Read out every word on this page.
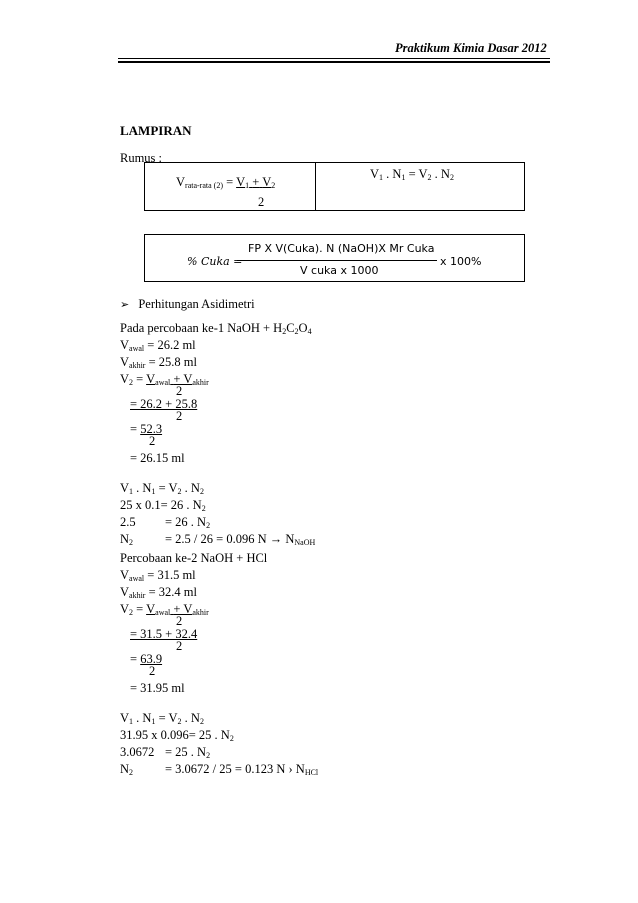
Praktikum Kimia Dasar 2012
LAMPIRAN
Rumus :
$V_{rata-rata (2)} = V_1 + V_2$
2
$V_1$ . $N_1 = V_2$ . $N_2$
% Cuka =
FP X V(Cuka). N (NaOH)X Mr Cuka
V cuka x 1000
x 100%
➢ Perhitungan Asidimetri
Pada percobaan ke-1 NaOH + $H_2C_2O_4$
$V_{awal} = 26.2$ ml
$V_{akhir} = 25.8$ ml
$V_2 = V_{awal} + V_{akhir}$
2
= 26.2 + 25.8
2
= 52.3
2
= 26.15 ml
$V_1$ . $N_1 = V_2$ . $N_2$
25 x 0.1= 26 . $N_2$
2.5 = 26 . $N_2$
$N_2$	= 2.5 / 26 = 0.096 $N \to N_{NaOH}$
Percobaan ke-2 NaOH + HCl
$V_{awal} = 31.5$ ml
$V_{akhir} = 32.4$ ml
$V_2 = V_{awal} + V_{akhir}$
2
= 31.5 + 32.4
2
= 63.9
2
= 31.95 ml
$V_1$ . $N_1 = V_2$ . $N_2$
31.95 x 0.096= 25 . $N_2$
3.0672 = 25 . $N_2$
$N_2$	= 3.0672 / 25 = 0.123 N › $N_{HCl}$
